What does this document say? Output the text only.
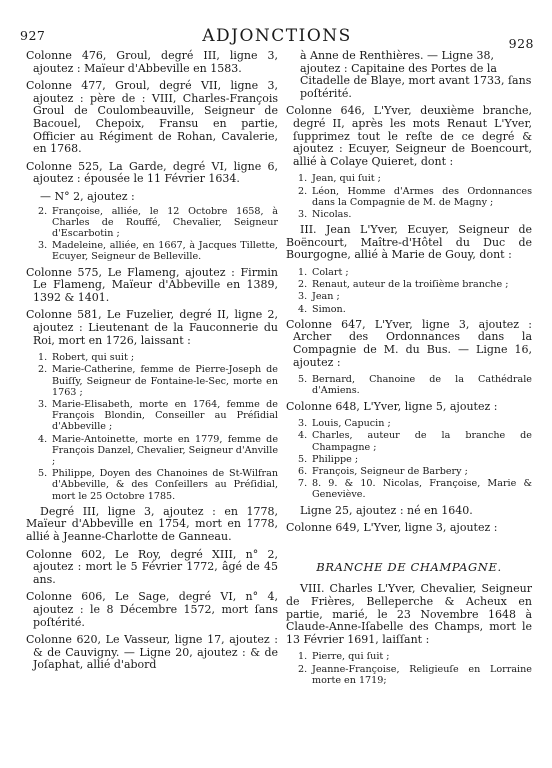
927	ADJONCTIONS	928

Colonne 476, Groul, degré III, ligne 3, ajoutez : Maïeur d'Abbeville en 1583.

Colonne 477, Groul, degré VII, ligne 3, ajoutez : père de : VIII, Charles-François Groul de Coulombeauville, Seigneur de Bacouel, Chepoix, Fransu en partie, Officier au Régiment de Rohan, Cavalerie, en 1768.

Colonne 525, La Garde, degré VI, ligne 6, ajoutez : épousée le 11 Février 1634.

— N° 2, ajoutez :

2. Françoise, alliée, le 12 Octobre 1658, à Charles de Rouffé, Chevalier, Seigneur d'Escarbotin ;
3. Madeleine, alliée, en 1667, à Jacques Tillette, Ecuyer, Seigneur de Belleville.

Colonne 575, Le Flameng, ajoutez : Firmin Le Flameng, Maïeur d'Abbeville en 1389, 1392 & 1401.

Colonne 581, Le Fuzelier, degré II, ligne 2, ajoutez : Lieutenant de la Fauconnerie du Roi, mort en 1726, laissant :

1. Robert, qui suit ;
2. Marie-Catherine, femme de Pierre-Joseph de Buiſſy, Seigneur de Fontaine-le-Sec, morte en 1763 ;
3. Marie-Elisabeth, morte en 1764, femme de François Blondin, Conseiller au Préſidial d'Abbeville ;
4. Marie-Antoinette, morte en 1779, femme de François Danzel, Chevalier, Seigneur d'Anville ;
5. Philippe, Doyen des Chanoines de St-Wilfran d'Abbeville, & des Conſeillers au Préſidial, mort le 25 Octobre 1785.

Degré III, ligne 3, ajoutez : en 1778, Maïeur d'Abbeville en 1754, mort en 1778, allié à Jeanne-Charlotte de Ganneau.

Colonne 602, Le Roy, degré XIII, n° 2, ajoutez : mort le 5 Février 1772, âgé de 45 ans.

Colonne 606, Le Sage, degré VI, n° 4, ajoutez : le 8 Décembre 1572, mort ſans poſtérité.

Colonne 620, Le Vasseur, ligne 17, ajoutez : & de Cauvigny. — Ligne 20, ajoutez : & de Joſaphat, allié d'abord

à Anne de Renthières. — Ligne 38, ajoutez : Capitaine des Portes de la Citadelle de Blaye, mort avant 1733, ſans poſtérité.

Colonne 646, L'Yver, deuxième branche, degré II, après les mots Renaut L'Yver, ſupprimez tout le reſte de ce degré & ajoutez : Ecuyer, Seigneur de Boencourt, allié à Colaye Quieret, dont :

1. Jean, qui ſuit ;
2. Léon, Homme d'Armes des Ordonnances dans la Compagnie de M. de Magny ;
3. Nicolas.

III. Jean L'Yver, Ecuyer, Seigneur de Boëncourt, Maître-d'Hôtel du Duc de Bourgogne, allié à Marie de Gouy, dont :

1. Colart ;
2. Renaut, auteur de la troiſième branche ;
3. Jean ;
4. Simon.

Colonne 647, L'Yver, ligne 3, ajoutez : Archer des Ordonnances dans la Compagnie de M. du Bus. — Ligne 16, ajoutez :

5. Bernard, Chanoine de la Cathédrale d'Amiens.

Colonne 648, L'Yver, ligne 5, ajoutez :

3. Louis, Capucin ;
4. Charles, auteur de la branche de Champagne ;
5. Philippe ;
6. François, Seigneur de Barbery ;
7. 8. 9. & 10. Nicolas, Françoise, Marie & Geneviève.

Ligne 25, ajoutez : né en 1640.

Colonne 649, L'Yver, ligne 3, ajoutez :

BRANCHE DE CHAMPAGNE.

VIII. Charles L'Yver, Chevalier, Seigneur de Frières, Belleperche & Acheux en partie, marié, le 23 Novembre 1648 à Claude-Anne-Iſabelle des Champs, mort le 13 Février 1691, laiſſant :

1. Pierre, qui ſuit ;
2. Jeanne-Françoise, Religieuſe en Lorraine morte en 1719;
